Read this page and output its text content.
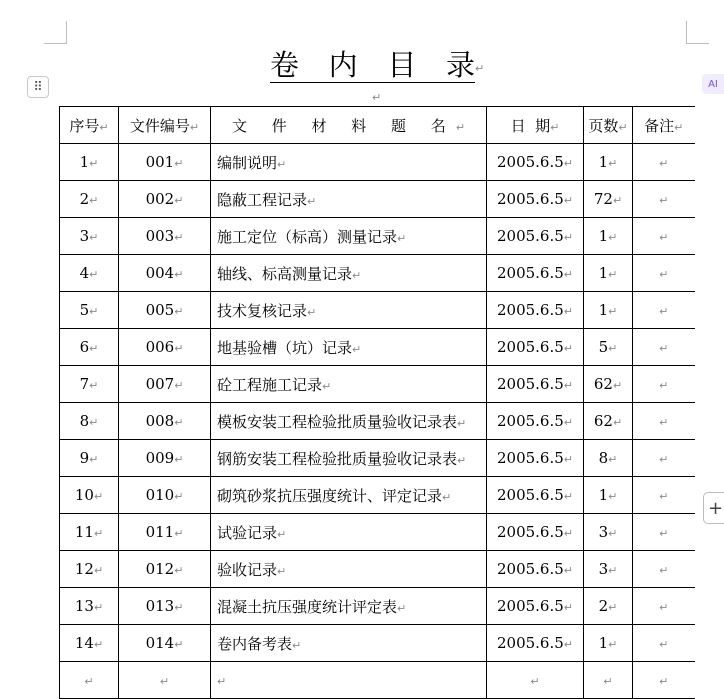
⠿	AI
+
卷 内 目 录 ↵
↵
序号↵	文件编号↵	文 件 材 料 题 名↵	日  期↵	页数↵	备注↵
1↵	001↵	编制说明↵	2005.6.5↵	1↵	↵
2↵	002↵	隐蔽工程记录↵	2005.6.5↵	72↵	↵
3↵	003↵	施工定位（标高）测量记录↵	2005.6.5↵	1↵	↵
4↵	004↵	轴线、标高测量记录↵	2005.6.5↵	1↵	↵
5↵	005↵	技术复核记录↵	2005.6.5↵	1↵	↵
6↵	006↵	地基验槽（坑）记录↵	2005.6.5↵	5↵	↵
7↵	007↵	砼工程施工记录↵	2005.6.5↵	62↵	↵
8↵	008↵	模板安装工程检验批质量验收记录表↵	2005.6.5↵	62↵	↵
9↵	009↵	钢筋安装工程检验批质量验收记录表↵	2005.6.5↵	8↵	↵
10↵	010↵	砌筑砂浆抗压强度统计、评定记录↵	2005.6.5↵	1↵	↵
11↵	011↵	试验记录↵	2005.6.5↵	3↵	↵
12↵	012↵	验收记录↵	2005.6.5↵	3↵	↵
13↵	013↵	混凝土抗压强度统计评定表↵	2005.6.5↵	2↵	↵
14↵	014↵	卷内备考表↵	2005.6.5↵	1↵	↵
↵	↵	↵	↵	↵	↵
